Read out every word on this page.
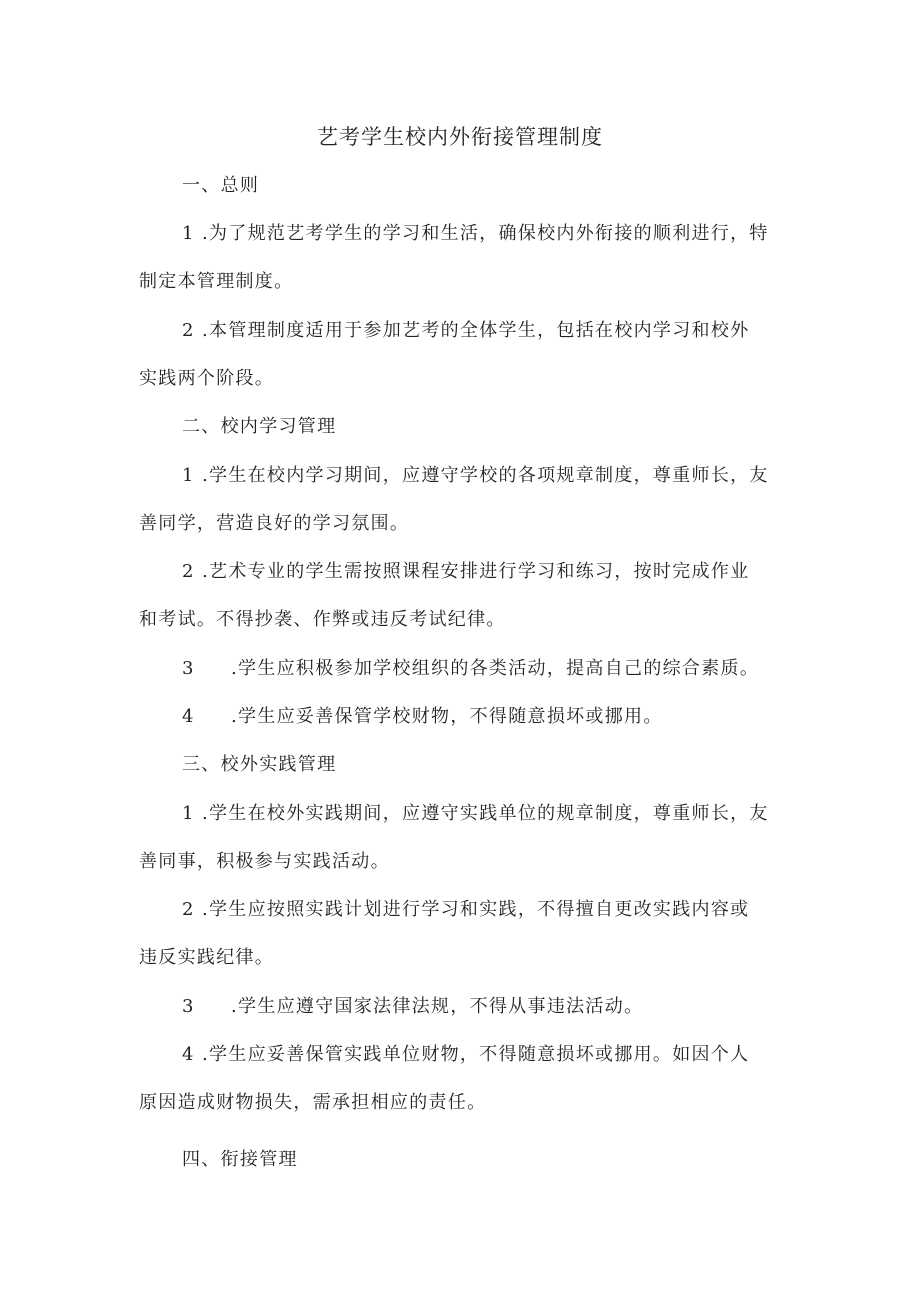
艺考学生校内外衔接管理制度

一、总则

1 .为了规范艺考学生的学习和生活，确保校内外衔接的顺利进行，特

制定本管理制度。

2 .本管理制度适用于参加艺考的全体学生，包括在校内学习和校外

实践两个阶段。

二、校内学习管理

1 .学生在校内学习期间，应遵守学校的各项规章制度，尊重师长，友

善同学，营造良好的学习氛围。

2 .艺术专业的学生需按照课程安排进行学习和练习，按时完成作业

和考试。不得抄袭、作弊或违反考试纪律。

3 .学生应积极参加学校组织的各类活动，提高自己的综合素质。

4 .学生应妥善保管学校财物，不得随意损坏或挪用。

三、校外实践管理

1 .学生在校外实践期间，应遵守实践单位的规章制度，尊重师长，友

善同事，积极参与实践活动。

2 .学生应按照实践计划进行学习和实践，不得擅自更改实践内容或

违反实践纪律。

3 .学生应遵守国家法律法规，不得从事违法活动。

4 .学生应妥善保管实践单位财物，不得随意损坏或挪用。如因个人

原因造成财物损失，需承担相应的责任。

四、衔接管理
